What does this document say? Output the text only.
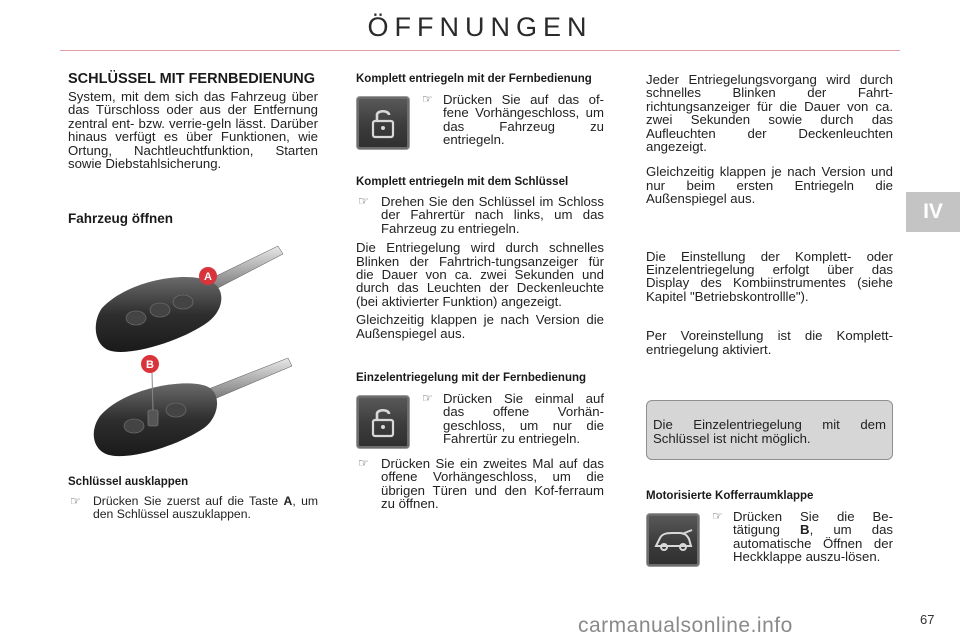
ÖFFNUNGEN
IV
SCHLÜSSEL MIT FERNBEDIENUNG
System, mit dem sich das Fahrzeug über das Türschloss oder aus der Entfernung zentral ent- bzw. verrie-geln lässt. Darüber hinaus verfügt es über Funktionen, wie Ortung, Nachtleuchtfunktion, Starten sowie Diebstahlsicherung.
Fahrzeug öffnen
A
B
Schlüssel ausklappen
☞ Drücken Sie zuerst auf die Taste A, um den Schlüssel auszuklappen.
Komplett entriegeln mit der Fernbedienung
☞ Drücken Sie auf das of-fene Vorhängeschloss, um das Fahrzeug zu entriegeln.
Komplett entriegeln mit dem Schlüssel
☞ Drehen Sie den Schlüssel im Schloss der Fahrertür nach links, um das Fahrzeug zu entriegeln.
Die Entriegelung wird durch schnelles Blinken der Fahrtrich-tungsanzeiger für die Dauer von ca. zwei Sekunden und durch das Leuchten der Deckenleuchte (bei aktivierter Funktion) angezeigt.
Gleichzeitig klappen je nach Version die Außenspiegel aus.
Einzelentriegelung mit der Fernbedienung
☞ Drücken Sie einmal auf das offene Vorhän-geschloss, um nur die Fahrertür zu entriegeln.
☞ Drücken Sie ein zweites Mal auf das offene Vorhängeschloss, um die übrigen Türen und den Kof-ferraum zu öffnen.
Jeder Entriegelungsvorgang wird durch schnelles Blinken der Fahrt-richtungsanzeiger für die Dauer von ca. zwei Sekunden sowie durch das Aufleuchten der Deckenleuchten angezeigt.
Gleichzeitig klappen je nach Version und nur beim ersten Entriegeln die Außenspiegel aus.
Die Einstellung der Komplett- oder Einzelentriegelung erfolgt über das Display des Kombiinstrumentes (siehe Kapitel "Betriebskontrollle").
Per Voreinstellung ist die Komplett-entriegelung aktiviert.
Die Einzelentriegelung mit dem Schlüssel ist nicht möglich.
Motorisierte Kofferraumklappe
☞ Drücken Sie die Be-tätigung B, um das automatische Öffnen der Heckklappe auszu-lösen.
carmanualsonline.info	67
